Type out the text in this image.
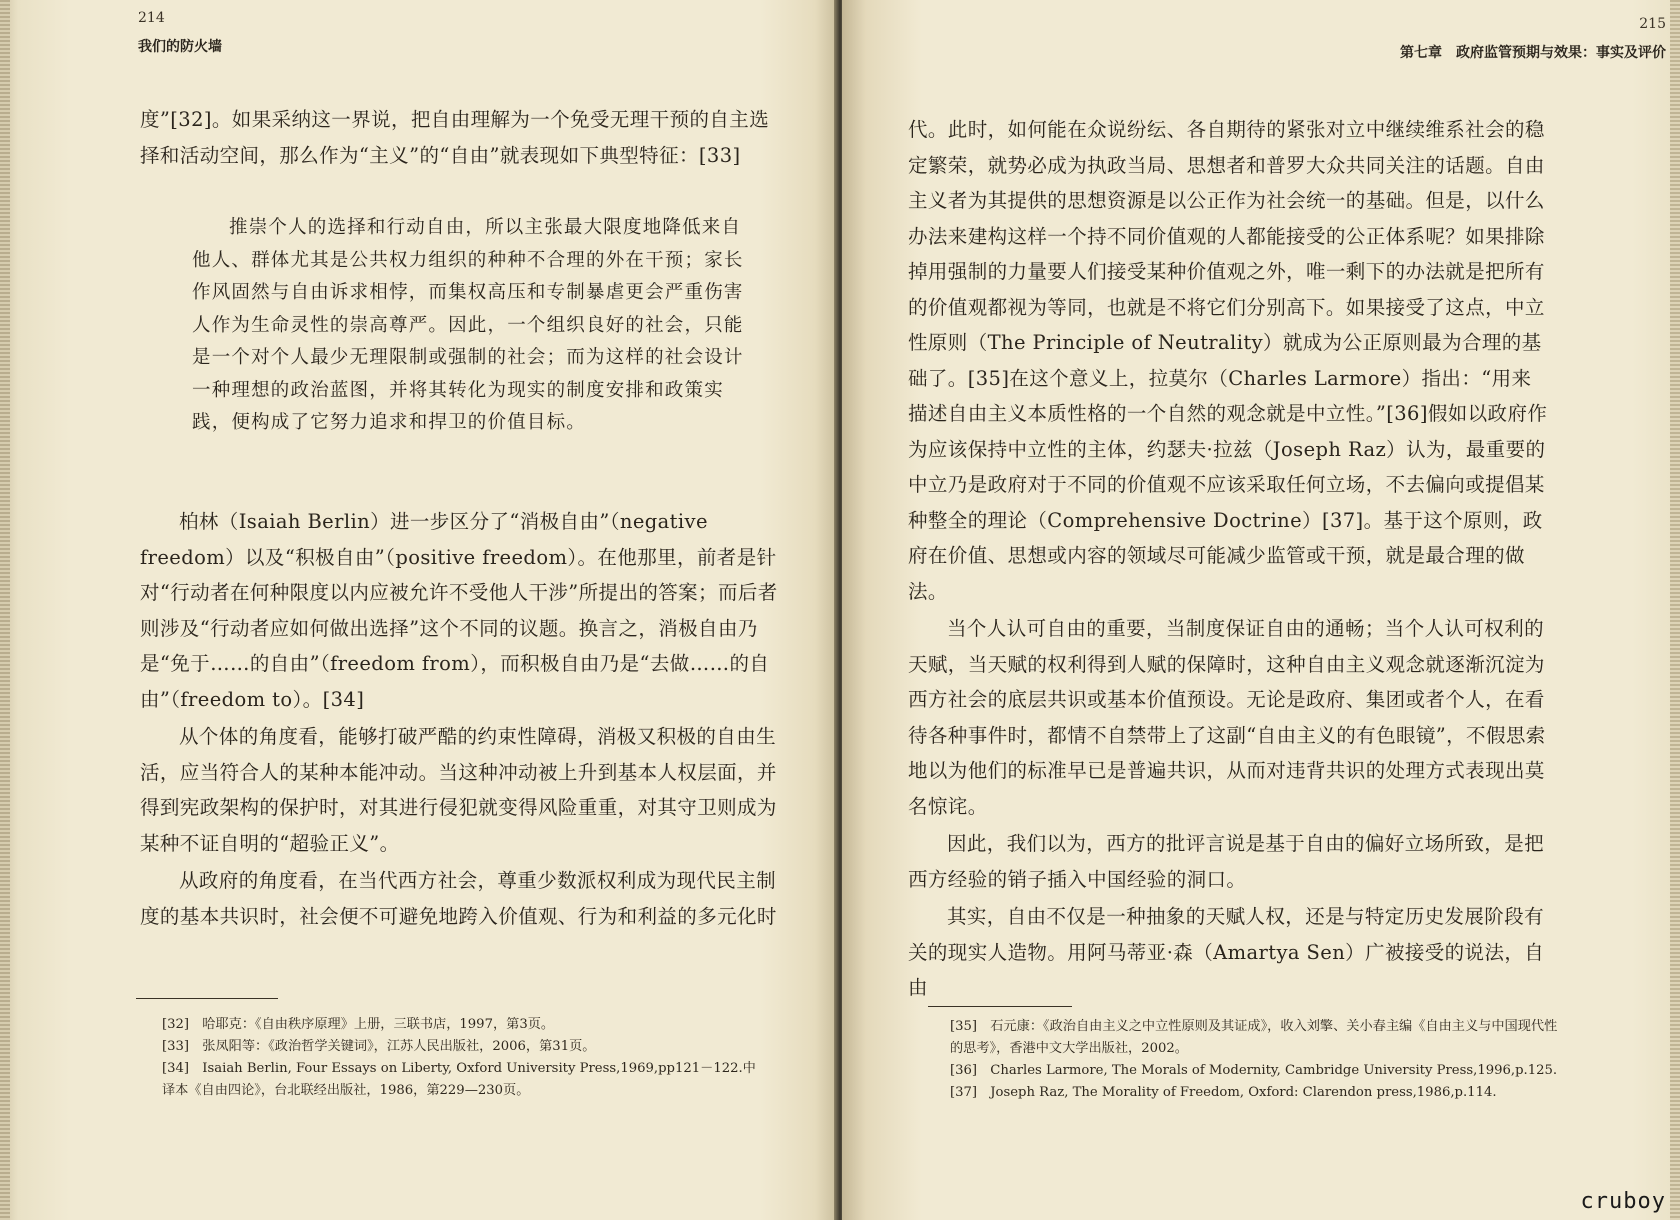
214
我们的防火墙

度”[32]。如果采纳这一界说，把自由理解为一个免受无理干预的自主选择和活动空间，那么作为“主义”的“自由”就表现如下典型特征：[33]

推崇个人的选择和行动自由，所以主张最大限度地降低来自他人、群体尤其是公共权力组织的种种不合理的外在干预；家长作风固然与自由诉求相悖，而集权高压和专制暴虐更会严重伤害人作为生命灵性的崇高尊严。因此，一个组织良好的社会，只能是一个对个人最少无理限制或强制的社会；而为这样的社会设计一种理想的政治蓝图，并将其转化为现实的制度安排和政策实践，便构成了它努力追求和捍卫的价值目标。

柏林（Isaiah Berlin）进一步区分了“消极自由”（negative freedom）以及“积极自由”（positive freedom）。在他那里，前者是针对“行动者在何种限度以内应被允许不受他人干涉”所提出的答案；而后者则涉及“行动者应如何做出选择”这个不同的议题。换言之，消极自由乃是“免于……的自由”（freedom from），而积极自由乃是“去做……的自由”（freedom to）。[34]

从个体的角度看，能够打破严酷的约束性障碍，消极又积极的自由生活，应当符合人的某种本能冲动。当这种冲动被上升到基本人权层面，并得到宪政架构的保护时，对其进行侵犯就变得风险重重，对其守卫则成为某种不证自明的“超验正义”。

从政府的角度看，在当代西方社会，尊重少数派权利成为现代民主制度的基本共识时，社会便不可避免地跨入价值观、行为和利益的多元化时

[32]　哈耶克：《自由秩序原理》上册，三联书店，1997，第3页。
[33]　张凤阳等：《政治哲学关键词》，江苏人民出版社，2006，第31页。
[34]　Isaiah Berlin, Four Essays on Liberty, Oxford University Press,1969,pp121－122.中译本《自由四论》，台北联经出版社，1986，第229—230页。
215
第七章　政府监管预期与效果：事实及评价

代。此时，如何能在众说纷纭、各自期待的紧张对立中继续维系社会的稳定繁荣，就势必成为执政当局、思想者和普罗大众共同关注的话题。自由主义者为其提供的思想资源是以公正作为社会统一的基础。但是，以什么办法来建构这样一个持不同价值观的人都能接受的公正体系呢？如果排除掉用强制的力量要人们接受某种价值观之外，唯一剩下的办法就是把所有的价值观都视为等同，也就是不将它们分别高下。如果接受了这点，中立性原则（The Principle of Neutrality）就成为公正原则最为合理的基础了。[35]在这个意义上，拉莫尔（Charles Larmore）指出：“用来描述自由主义本质性格的一个自然的观念就是中立性。”[36]假如以政府作为应该保持中立性的主体，约瑟夫·拉兹（Joseph Raz）认为，最重要的中立乃是政府对于不同的价值观不应该采取任何立场，不去偏向或提倡某种整全的理论（Comprehensive Doctrine）[37]。基于这个原则，政府在价值、思想或内容的领域尽可能减少监管或干预，就是最合理的做法。

当个人认可自由的重要，当制度保证自由的通畅；当个人认可权利的天赋，当天赋的权利得到人赋的保障时，这种自由主义观念就逐渐沉淀为西方社会的底层共识或基本价值预设。无论是政府、集团或者个人，在看待各种事件时，都情不自禁带上了这副“自由主义的有色眼镜”，不假思索地以为他们的标准早已是普遍共识，从而对违背共识的处理方式表现出莫名惊诧。

因此，我们以为，西方的批评言说是基于自由的偏好立场所致，是把西方经验的销子插入中国经验的洞口。

其实，自由不仅是一种抽象的天赋人权，还是与特定历史发展阶段有关的现实人造物。用阿马蒂亚·森（Amartya Sen）广被接受的说法，自由

[35]　石元康：《政治自由主义之中立性原则及其证成》，收入刘擎、关小春主编《自由主义与中国现代性的思考》，香港中文大学出版社，2002。
[36]　Charles Larmore, The Morals of Modernity, Cambridge University Press,1996,p.125.
[37]　Joseph Raz, The Morality of Freedom, Oxford: Clarendon press,1986,p.114.
cruboy
